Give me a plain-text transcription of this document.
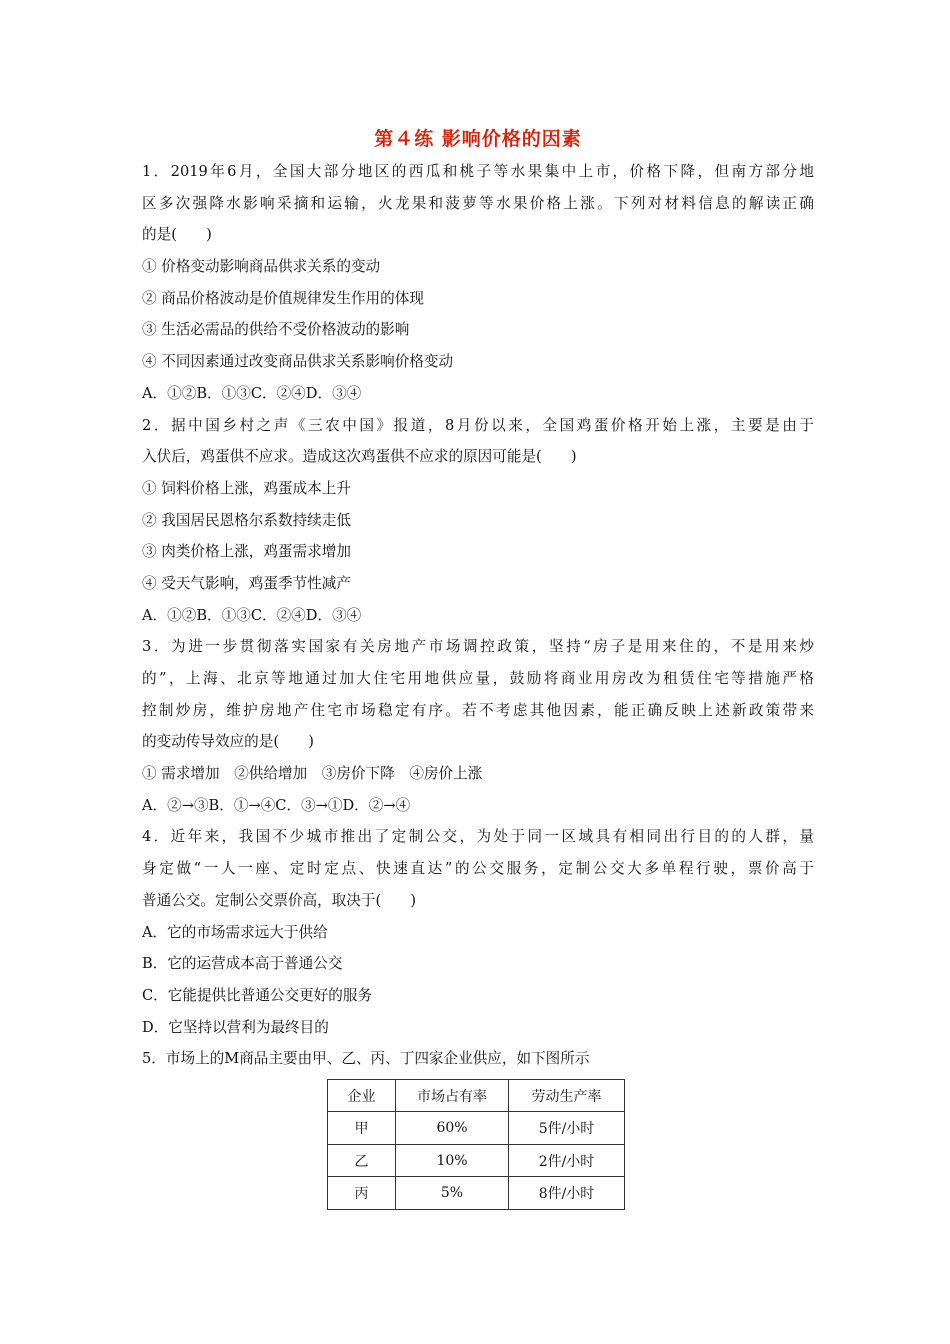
第４练 影响价格的因素
1．2019年6月，全国大部分地区的西瓜和桃子等水果集中上市，价格下降，但南方部分地
区多次强降水影响采摘和运输，火龙果和菠萝等水果价格上涨。下列对材料信息的解读正确
的是(　　)
① 价格变动影响商品供求关系的变动
② 商品价格波动是价值规律发生作用的体现
③ 生活必需品的供给不受价格波动的影响
④ 不同因素通过改变商品供求关系影响价格变动
A．①②B．①③C．②④D．③④
2．据中国乡村之声《三农中国》报道，8月份以来，全国鸡蛋价格开始上涨，主要是由于
入伏后，鸡蛋供不应求。造成这次鸡蛋供不应求的原因可能是(　　)
① 饲料价格上涨，鸡蛋成本上升
② 我国居民恩格尔系数持续走低
③ 肉类价格上涨，鸡蛋需求增加
④ 受天气影响，鸡蛋季节性减产
A．①②B．①③C．②④D．③④
3．为进一步贯彻落实国家有关房地产市场调控政策，坚持“房子是用来住的，不是用来炒
的”，上海、北京等地通过加大住宅用地供应量，鼓励将商业用房改为租赁住宅等措施严格
控制炒房，维护房地产住宅市场稳定有序。若不考虑其他因素，能正确反映上述新政策带来
的变动传导效应的是(　　)
① 需求增加　②供给增加　③房价下降　④房价上涨
A．②→③B．①→④C．③→①D．②→④
4．近年来，我国不少城市推出了定制公交，为处于同一区域具有相同出行目的的人群，量
身定做“一人一座、定时定点、快速直达”的公交服务，定制公交大多单程行驶，票价高于
普通公交。定制公交票价高，取决于(　　)
A．它的市场需求远大于供给
B．它的运营成本高于普通公交
C．它能提供比普通公交更好的服务
D．它坚持以营利为最终目的
5．市场上的M商品主要由甲、乙、丙、丁四家企业供应，如下图所示
企业	市场占有率	劳动生产率
甲	60%	5件/小时
乙	10%	2件/小时
丙	5%	8件/小时
